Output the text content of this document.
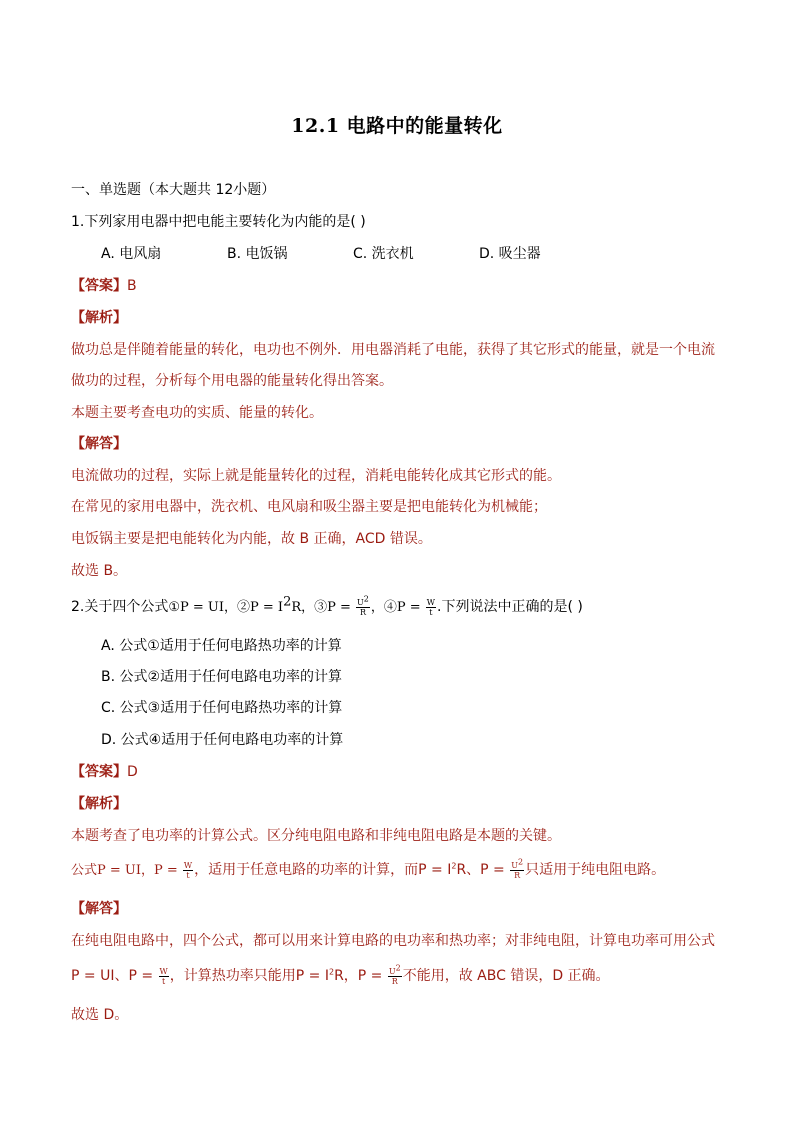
12.1 电路中的能量转化
一、单选题（本大题共 12小题）
1.下列家用电器中把电能主要转化为内能的是( )
A. 电风扇	B. 电饭锅	C. 洗衣机	D. 吸尘器
【答案】B
【解析】
做功总是伴随着能量的转化，电功也不例外．用电器消耗了电能，获得了其它形式的能量，就是一个电流
做功的过程，分析每个用电器的能量转化得出答案。
本题主要考查电功的实质、能量的转化。
【解答】
电流做功的过程，实际上就是能量转化的过程，消耗电能转化成其它形式的能。
在常见的家用电器中，洗衣机、电风扇和吸尘器主要是把电能转化为机械能；
电饭锅主要是把电能转化为内能，故 B 正确，ACD 错误。
故选 B。
2.关于四个公式①P = UI，②P = $I^2R$，③P = $\frac{U^2}{R}$ ，④P = $\frac{W}{t}$ .下列说法中正确的是( )
A. 公式①适用于任何电路热功率的计算
B. 公式②适用于任何电路电功率的计算
C. 公式③适用于任何电路热功率的计算
D. 公式④适用于任何电路电功率的计算
【答案】D
【解析】
本题考查了电功率的计算公式。区分纯电阻电路和非纯电阻电路是本题的关键。
公式P = UI，$P = \frac{W}{t}$ ，适用于任意电路的功率的计算，而$P = I^2R$、$P = \frac{U^2}{R}$ 只适用于纯电阻电路。
【解答】
在纯电阻电路中，四个公式，都可以用来计算电路的电功率和热功率；对非纯电阻，计算电功率可用公式
P = UI、$P = \frac{W}{t}$ ，计算热功率只能用$P = I^2R$，$P = \frac{U^2}{R}$ 不能用，故 ABC 错误，D 正确。
故选 D。
